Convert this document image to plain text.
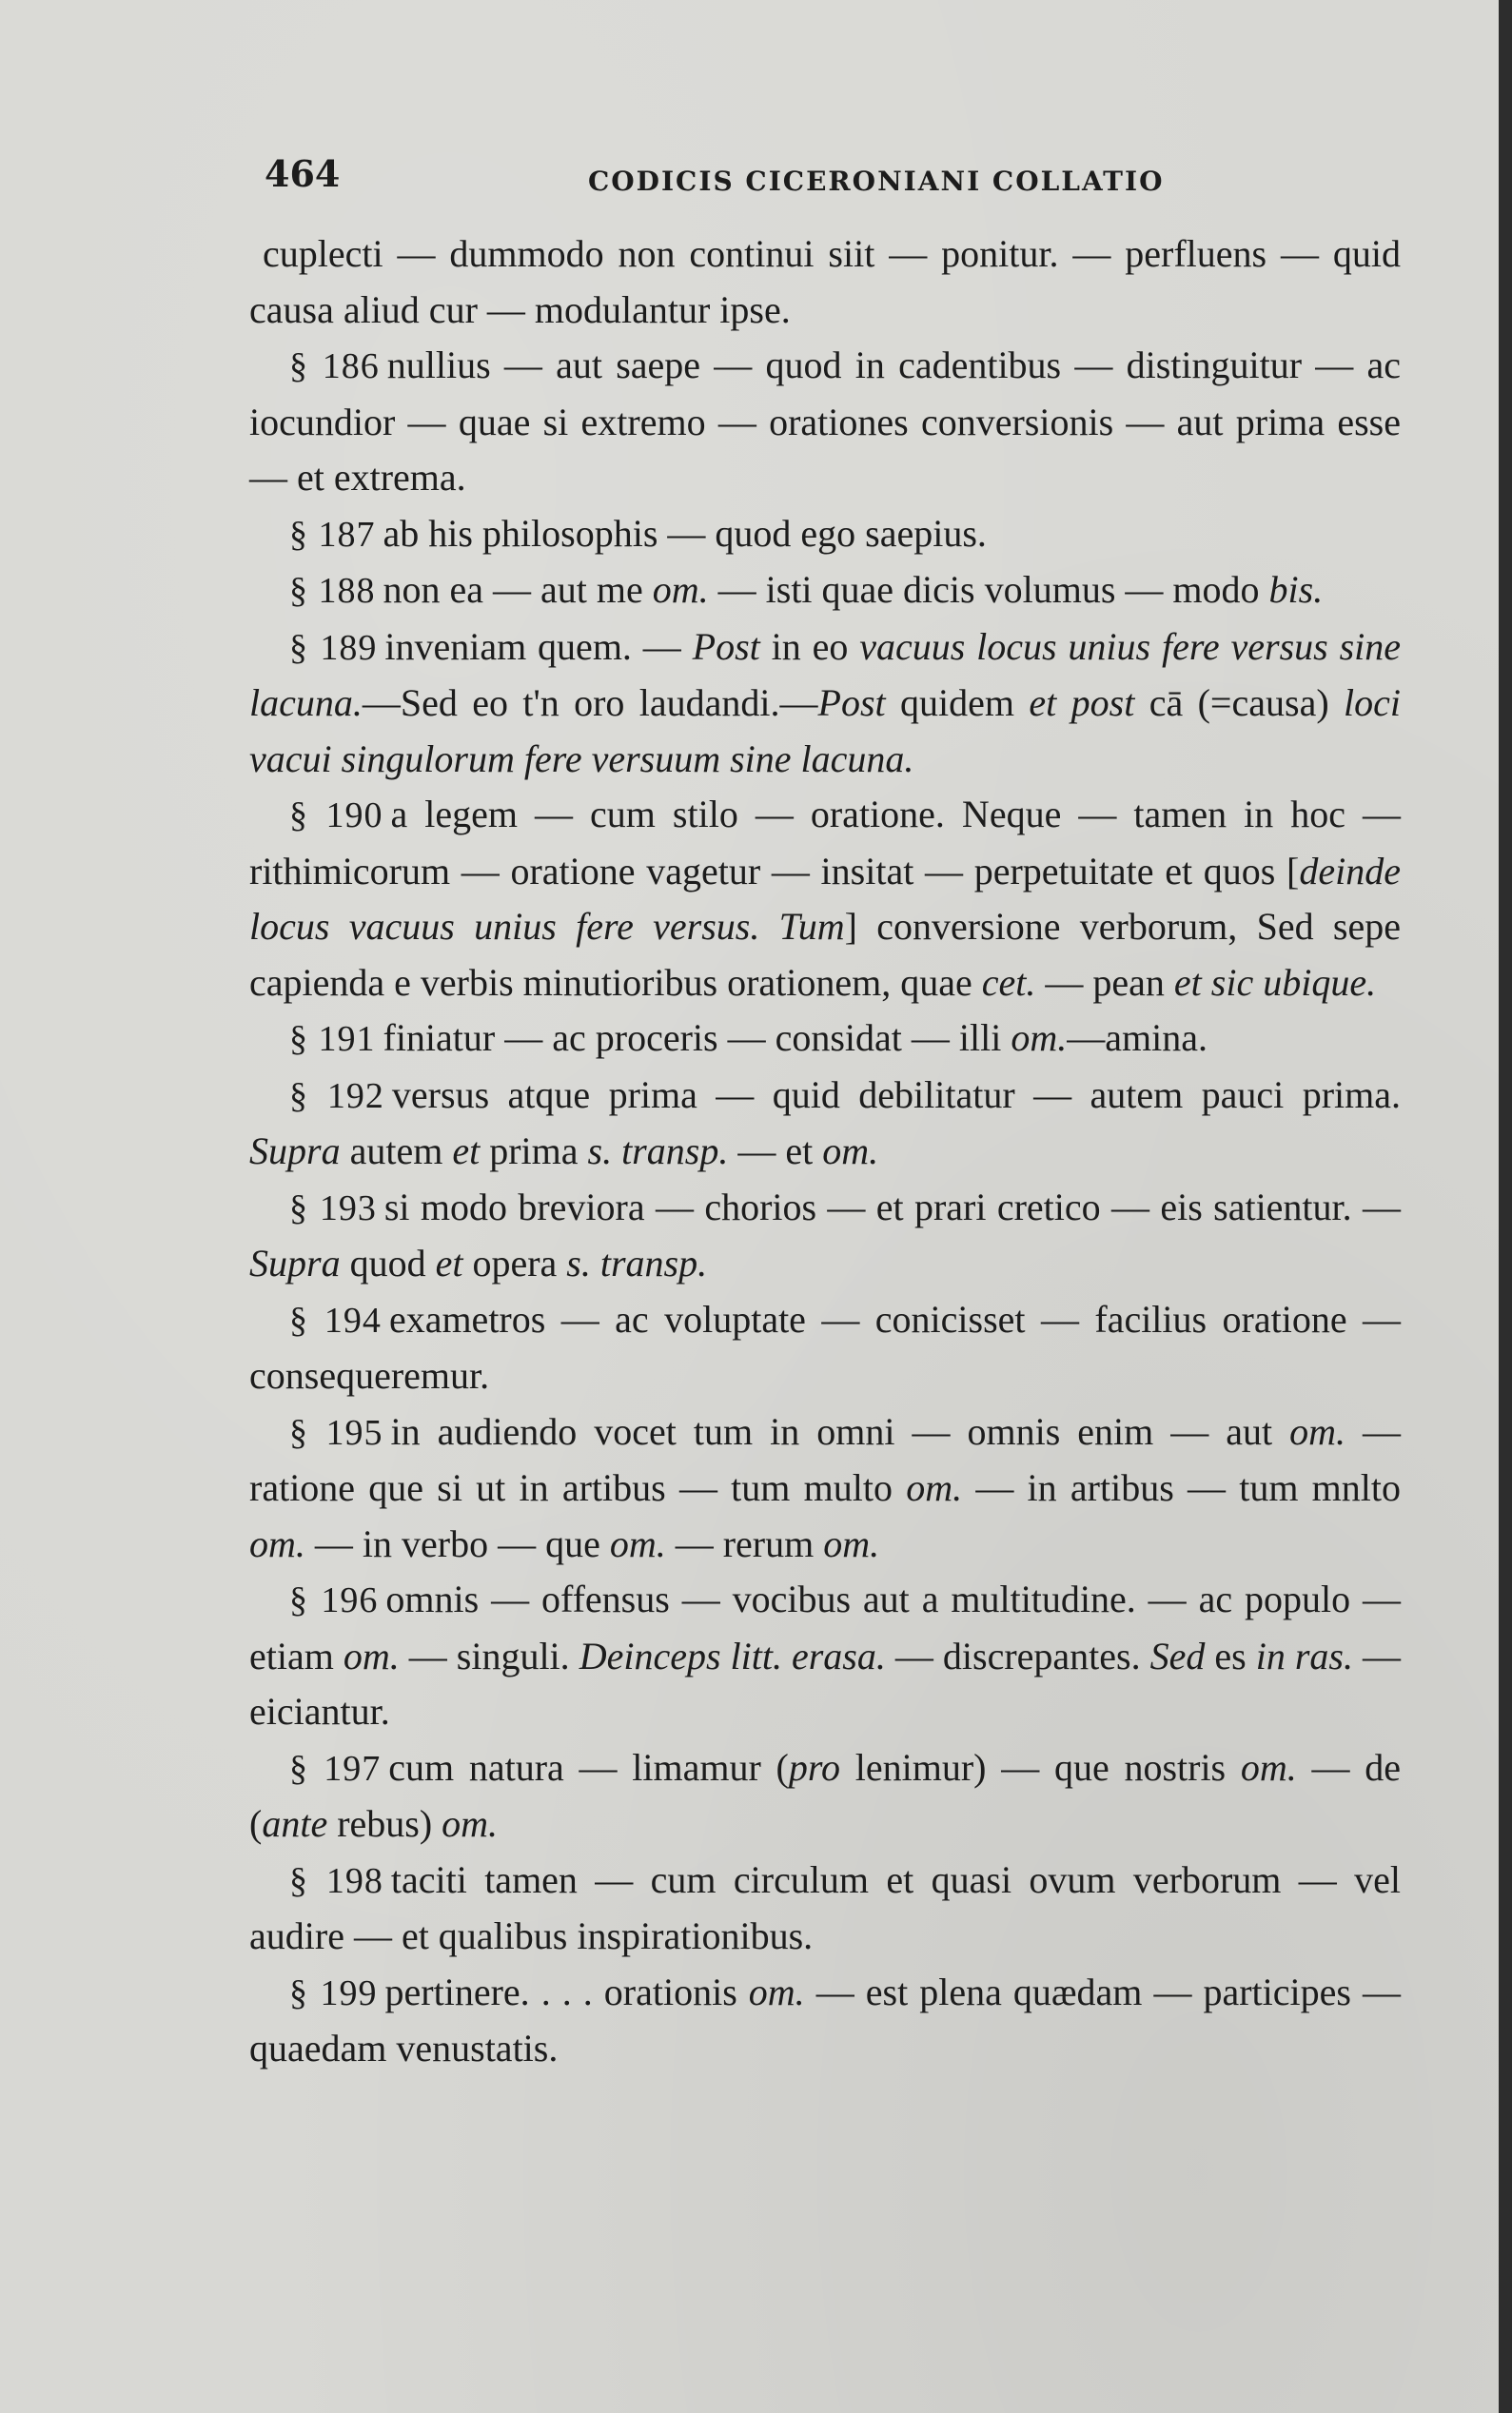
464	CODICIS CICERONIANI COLLATIO

cuplecti — dummodo non continui siit — ponitur. — perfluens — quid causa aliud cur — modulantur ipse.

§ 186 nullius — aut saepe — quod in cadentibus — distinguitur — ac iocundior — quae si extremo — orationes conversionis — aut prima esse — et extrema.

§ 187 ab his philosophis — quod ego saepius.

§ 188 non ea — aut me om. — isti quae dicis volumus — modo bis.

§ 189 inveniam quem. — Post in eo vacuus locus unius fere versus sine lacuna.—Sed eo t'n oro laudandi.—Post quidem et post cā (=causa) loci vacui singulorum fere versuum sine lacuna.

§ 190 a legem — cum stilo — oratione. Neque — tamen in hoc — rithimicorum — oratione vagetur — insitat — perpetuitate et quos [deinde locus vacuus unius fere versus. Tum] conversione verborum, Sed sepe capienda e verbis minutioribus orationem, quae cet. — pean et sic ubique.

§ 191 finiatur — ac proceris — considat — illi om.—amina.

§ 192 versus atque prima — quid debilitatur — autem pauci prima. Supra autem et prima s. transp. — et om.

§ 193 si modo breviora — chorios — et prari cretico — eis satientur. — Supra quod et opera s. transp.

§ 194 exametros — ac voluptate — conicisset — facilius oratione — consequeremur.

§ 195 in audiendo vocet tum in omni — omnis enim — aut om. — ratione que si ut in artibus — tum multo om. — in artibus — tum mnlto om. — in verbo — que om. — rerum om.

§ 196 omnis — offensus — vocibus aut a multitudine. — ac populo — etiam om. — singuli. Deinceps litt. erasa. — discrepantes. Sed es in ras. — eiciantur.

§ 197 cum natura — limamur (pro lenimur) — que nostris om. — de (ante rebus) om.

§ 198 taciti tamen — cum circulum et quasi ovum verborum — vel audire — et qualibus inspirationibus.

§ 199 pertinere. . . . orationis om. — est plena quædam — participes — quaedam venustatis.
